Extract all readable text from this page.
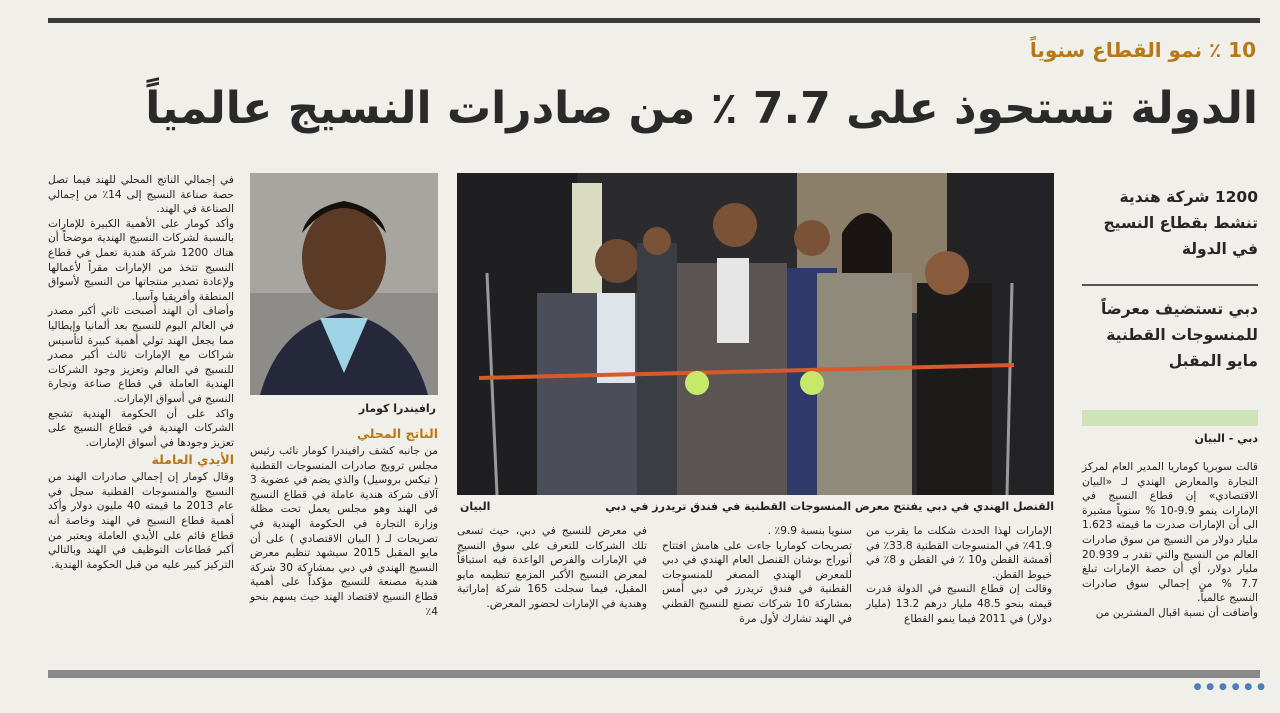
10 ٪ نمو القطاع سنوياً
الدولة تستحوذ على 7.7 ٪ من صادرات النسيج عالمياً
1200 شركة هندية
تنشط بقطاع النسيج
في الدولة
دبي تستضيف معرضاً
للمنسوجات القطنية
مايو المقبل
دبي - البيان

قالت سوبريا كوماريا المدير العام لمركز التجارة والمعارض الهندي لـ «البيان الاقتصادي» إن قطاع النسيج في الإمارات ينمو 9.9-10 % سنوياً مشيرة الى أن الإمارات صدرت ما قيمته 1.623 مليار دولار من النسيج من سوق صادرات العالم من النسيج والتي تقدر بـ 20.939 مليار دولار، أي أن حصة الإمارات تبلغ 7.7 % من إجمالي سوق صادرات النسيج عالمياً.

وأضافت أن نسبة اقبال المشترين من

القنصل الهندي في دبي يفتتح معرض المنسوجات القطنية في فندق تريدرز في دبي
البيان

الإمارات لهذا الحدث شكلت ما يقرب من 41.9٪ في المنسوجات القطنية 33.8٪ في أقمشة القطن و10 ٪ في القطن و 8٪ في خيوط القطن.

وقالت إن قطاع النسيج في الدولة قدرت قيمته بنحو 48.5 مليار درهم 13.2 (مليار دولار) في 2011 فيما ينمو القطاع

سنويا بنسبة 9.9٪ .

تصريحات كوماريا جاءت على هامش افتتاح أنوراج بوشان القنصل العام الهندي في دبي للمعرض الهندي المصغر للمنسوجات القطنية في فندق تريدرز في دبي أمس بمشاركة 10 شركات تصنع للنسيج القطني في الهند تشارك لأول مرة

في معرض للنسيج في دبي، حيث تسعى تلك الشركات للتعرف على سوق النسيج في الإمارات والفرص الواعدة فيه استباقاً لمعرض النسيج الأكبر المزمع تنظيمه مايو المقبل، فيما سجلت 165 شركة إماراتية وهندية في الإمارات لحضور المعرض.

رافيندرا كومار

الناتج المحلي

من جانبه كشف رافيندرا كومار نائب رئيس مجلس ترويج صادرات المنسوجات القطنية ( تيكس بروسيل) والذي يضم في عضوية 3 آلاف شركة هندية عاملة في قطاع النسيج في الهند وهو مجلس يعمل تحت مظلة وزارة التجارة في الحكومة الهندية في تصريحات لـ ( البيان الاقتصادي ) على أن مايو المقبل 2015 سيشهد تنظيم معرض النسيج الهندي في دبي بمشاركة 30 شركة هندية مصنعة للنسيج مؤكداً على أهمية قطاع النسيج لاقتصاد الهند حيث يسهم بنحو 4٪

في إجمالي الناتج المحلي للهند فيما تصل حصة صناعة النسيج إلى 14٪ من إجمالي الصناعة في الهند.

وأكد كومار على الأهمية الكبيرة للإمارات بالنسبة لشركات النسيج الهندية موضحاً أن هناك 1200 شركة هندية تعمل في قطاع النسيج تتخذ من الإمارات مقراً لأعمالها ولإعادة تصدير منتجاتها من النسيج لأسواق المنطقة وأفريقيا وآسيا.

وأضاف أن الهند أصبحت ثاني أكبر مصدر في العالم اليوم للنسيج بعد ألمانيا وإيطاليا مما يجعل الهند تولي أهمية كبيرة لتأسيس شراكات مع الإمارات ثالث أكبر مصدر للنسيج في العالم وتعزيز وجود الشركات الهندية العاملة في قطاع صناعة وتجارة النسيج في أسواق الإمارات.

واكد على أن الحكومة الهندية تشجع الشركات الهندية في قطاع النسيج على تعزيز وجودها في أسواق الإمارات.

الأيدي العاملة

وقال كومار إن إجمالي صادرات الهند من النسيج والمنسوجات القطنية سجل في عام 2013 ما قيمته 40 مليون دولار وأكد أهمية قطاع النسيج في الهند وخاصة أنه قطاع قائم على الأيدي العاملة ويعتبر من أكبر قطاعات التوظيف في الهند وبالتالي التركيز كبير عليه من قبل الحكومة الهندية.

● ● ● ● ● ●
